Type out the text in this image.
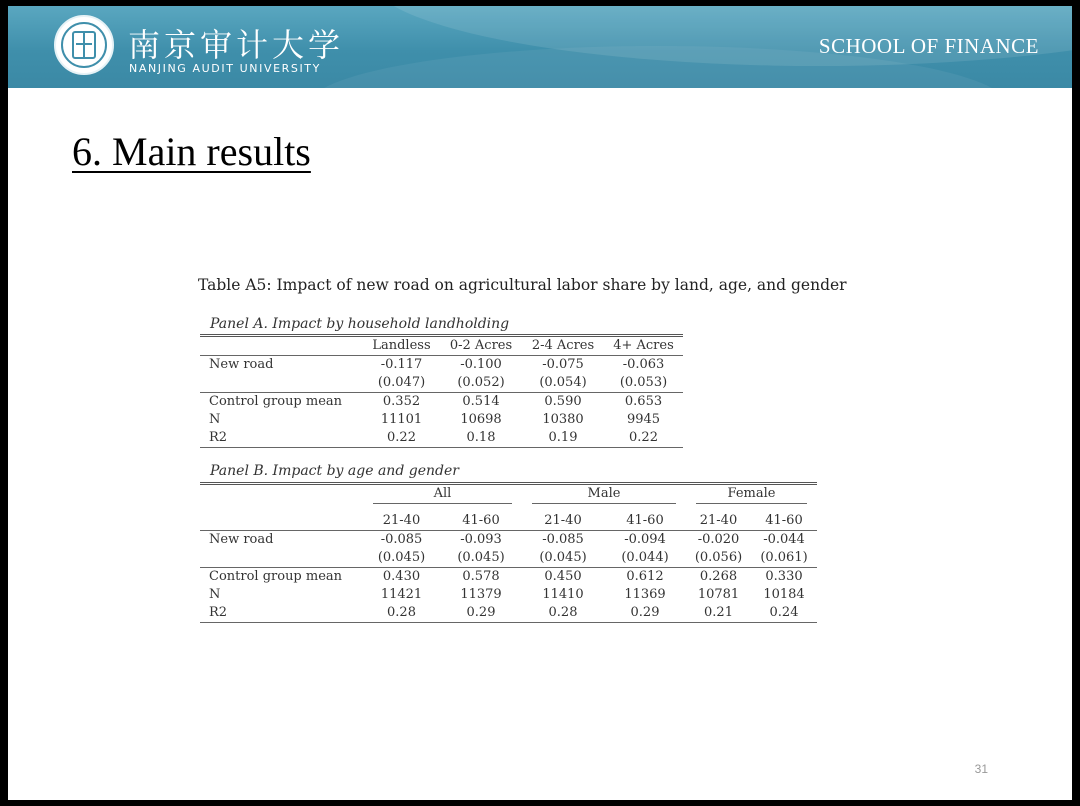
南京审计大学
NANJING AUDIT UNIVERSITY
SCHOOL OF FINANCE
6. Main results
Table A5: Impact of new road on agricultural labor share by land, age, and gender
Panel A. Impact by household landholding
	Landless	0-2 Acres	2-4 Acres	4+ Acres
New road	-0.117	-0.100	-0.075	-0.063
	(0.047)	(0.052)	(0.054)	(0.053)
Control group mean	0.352	0.514	0.590	0.653
N	11101	10698	10380	9945
R2	0.22	0.18	0.19	0.22
Panel B. Impact by age and gender

	All		Male		Female	

	21-40	41-60	21-40	41-60	21-40	41-60
New road	-0.085	-0.093	-0.085	-0.094	-0.020	-0.044
	(0.045)	(0.045)	(0.045)	(0.044)	(0.056)	(0.061)
Control group mean	0.430	0.578	0.450	0.612	0.268	0.330
N	11421	11379	11410	11369	10781	10184
R2	0.28	0.29	0.28	0.29	0.21	0.24
31
